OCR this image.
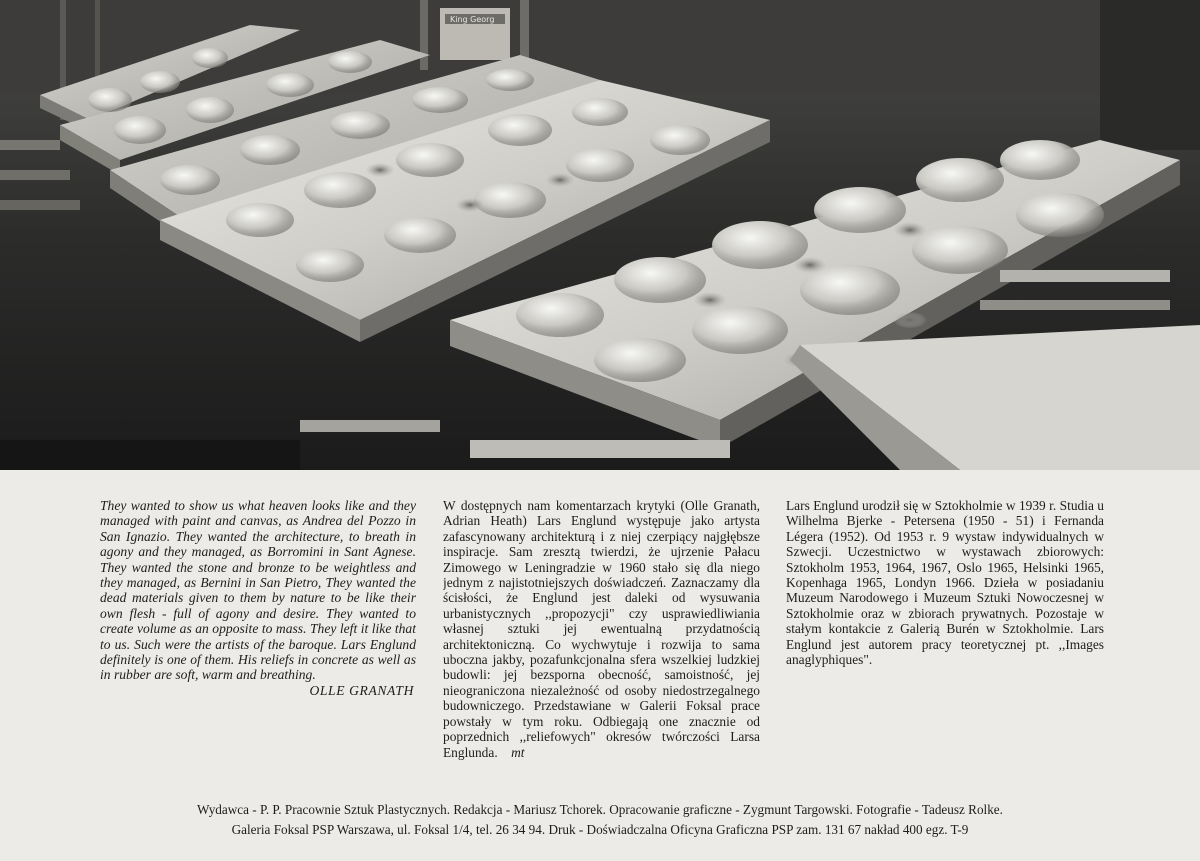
King Georg

They wanted to show us what heaven looks like and they managed with paint and canvas, as Andrea del Pozzo in San Ignazio. They wanted the architecture, to breath in agony and they managed, as Borromini in Sant Agnese. They wanted the stone and bronze to be weightless and they managed, as Bernini in San Pietro, They wanted the dead materials given to them by nature to be like their own flesh - full of agony and desire. They wanted to create volume as an opposite to mass. They left it like that to us. Such were the artists of the baroque. Lars Englund definitely is one of them. His reliefs in concrete as well as in rubber are soft, warm and breathing.

OLLE GRANATH

W dostępnych nam komentarzach krytyki (Olle Granath, Adrian Heath) Lars Englund występuje jako artysta zafascynowany architekturą i z niej czerpiący najgłębsze inspiracje. Sam zresztą twierdzi, że ujrzenie Pałacu Zimowego w Leningradzie w 1960 stało się dla niego jednym z najistotniejszych doświadczeń. Zaznaczamy dla ścisłości, że Englund jest daleki od wysuwania urbanistycznych ,,propozycji" czy usprawiedliwiania własnej sztuki jej ewentualną przydatnością architektoniczną. Co wychwytuje i rozwija to sama uboczna jakby, pozafunkcjonalna sfera wszelkiej ludzkiej budowli: jej bezsporna obecność, samoistność, jej nieograniczona niezależność od osoby niedostrzegalnego budowniczego. Przedstawiane w Galerii Foksal prace powstały w tym roku. Odbiegają one znacznie od poprzednich ,,reliefowych" okresów twórczości Larsa Englunda. mt

Lars Englund urodził się w Sztokholmie w 1939 r. Studia u Wilhelma Bjerke - Petersena (1950 - 51) i Fernanda Légera (1952). Od 1953 r. 9 wystaw indywidualnych w Szwecji. Uczestnictwo w wystawach zbiorowych: Sztokholm 1953, 1964, 1967, Oslo 1965, Helsinki 1965, Kopenhaga 1965, Londyn 1966. Dzieła w posiadaniu Muzeum Narodowego i Muzeum Sztuki Nowoczesnej w Sztokholmie oraz w zbiorach prywatnych. Pozostaje w stałym kontakcie z Galerią Burén w Sztokholmie. Lars Englund jest autorem pracy teoretycznej pt. ,,Images anaglyphiques".

Wydawca - P. P. Pracownie Sztuk Plastycznych. Redakcja - Mariusz Tchorek. Opracowanie graficzne - Zygmunt Targowski. Fotografie - Tadeusz Rolke.
Galeria Foksal PSP Warszawa, ul. Foksal 1/4, tel. 26 34 94. Druk - Doświadczalna Oficyna Graficzna PSP zam. 131 67 nakład 400 egz. T-9
